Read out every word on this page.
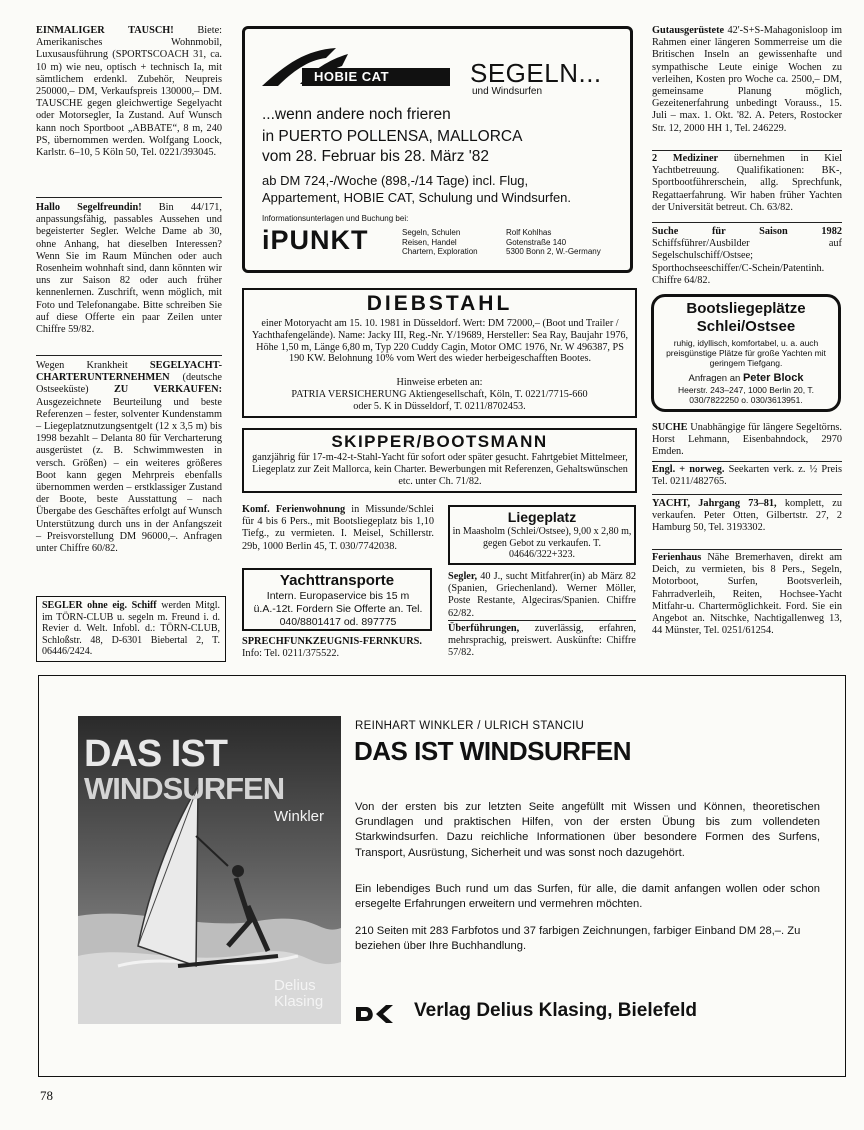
EINMALIGER TAUSCH! Biete: Amerikanisches Wohnmobil, Luxusausführung (SPORTSCOACH 31, ca. 10 m) wie neu, optisch + technisch Ia, mit sämtlichem erdenkl. Zubehör, Neupreis 250000,– DM, Verkaufspreis 130000,– DM. TAUSCHE gegen gleichwertige Segelyacht oder Motorsegler, Ia Zustand. Auf Wunsch kann noch Sportboot „ABBATE“, 8 m, 240 PS, übernommen werden. Wolfgang Loock, Karlstr. 6–10, 5 Köln 50, Tel. 0221/393045.
Hallo Segelfreundin! Bin 44/171, anpassungsfähig, passables Aussehen und begeisterter Segler. Welche Dame ab 30, ohne Anhang, hat dieselben Interessen? Wenn Sie im Raum München oder auch Rosenheim wohnhaft sind, dann könnten wir uns zur Saison 82 oder auch früher kennenlernen. Zuschrift, wenn möglich, mit Foto und Telefonangabe. Bitte schreiben Sie auf diese Offerte ein paar Zeilen unter Chiffre 59/82.
Wegen Krankheit SEGELYACHT-CHARTERUNTERNEHMEN (deutsche Ostseeküste) ZU VERKAUFEN: Ausgezeichnete Beurteilung und beste Referenzen – fester, solventer Kundenstamm – Liegeplatznutzungsentgelt (12 x 3,5 m) bis 1998 bezahlt – Delanta 80 für Vercharterung ausgerüstet (z. B. Schwimmwesten in versch. Größen) – ein weiteres größeres Boot kann gegen Mehrpreis ebenfalls übernommen werden – erstklassiger Zustand der Boote, beste Ausstattung – nach Übergabe des Geschäftes erfolgt auf Wunsch Unterstützung durch uns in der Anfangszeit – Preisvorstellung DM 96000,–. Anfragen unter Chiffre 60/82.
SEGLER ohne eig. Schiff werden Mitgl. im TÖRN-CLUB u. segeln m. Freund i. d. Revier d. Welt. Infobl. d.: TÖRN-CLUB, Schloßstr. 48, D-6301 Biebertal 2, T. 06446/2424.
HOBIE CAT	SEGELN...
und Windsurfen
...wenn andere noch frieren
in PUERTO POLLENSA, MALLORCA
vom 28. Februar bis 28. März '82
ab DM 724,-/Woche (898,-/14 Tage) incl. Flug,
Appartement, HOBIE CAT, Schulung und Windsurfen.
Informationsunterlagen und Buchung bei:
iPUNKT	Segeln, Schulen
Reisen, Handel
Chartern, Exploration
Rolf Kohlhas
Gotenstraße 140
5300 Bonn 2, W.-Germany
DIEBSTAHL
einer Motoryacht am 15. 10. 1981 in Düsseldorf. Wert: DM 72000,– (Boot und Trailer / Yachthafengelände). Name: Jacky III, Reg.-Nr. Y/19689, Hersteller: Sea Ray, Baujahr 1976, Höhe 1,50 m, Länge 6,80 m, Typ 220 Cuddy Cagin, Motor OMC 1976, Nr. W 496387, PS 190 KW. Belohnung 10% vom Wert des wieder herbeigeschafften Bootes.
Hinweise erbeten an:
PATRIA VERSICHERUNG Aktiengesellschaft, Köln, T. 0221/7715-660
oder 5. K in Düsseldorf, T. 0211/8702453.
SKIPPER/BOOTSMANN
ganzjährig für 17-m-42-t-Stahl-Yacht für sofort oder später gesucht. Fahrtgebiet Mittelmeer, Liegeplatz zur Zeit Mallorca, kein Charter. Bewerbungen mit Referenzen, Gehaltswünschen etc. unter Ch. 71/82.
Komf. Ferienwohnung in Missunde/Schlei für 4 bis 6 Pers., mit Bootsliegeplatz bis 1,10 Tiefg., zu vermieten. I. Meisel, Schillerstr. 29b, 1000 Berlin 45, T. 030/7742038.
Yachttransporte
Intern. Europaservice bis 15 m ü.A.-12t. Fordern Sie Offerte an. Tel. 040/8801417 od. 897775
SPRECHFUNKZEUGNIS-FERNKURS. Info: Tel. 0211/375522.
Liegeplatz
in Maasholm (Schlei/Ostsee), 9,00 x 2,80 m, gegen Gebot zu verkaufen. T. 04646/322+323.
Segler, 40 J., sucht Mitfahrer(in) ab März 82 (Spanien, Griechenland). Werner Möller, Poste Restante, Algeciras/Spanien. Chiffre 62/82.
Überführungen, zuverlässig, erfahren, mehrsprachig, preiswert. Auskünfte: Chiffre 57/82.
Gutausgerüstete 42'-S+S-Mahagonisloop im Rahmen einer längeren Sommerreise um die Britischen Inseln an gewissenhafte und sympathische Leute einige Wochen zu verleihen, Kosten pro Woche ca. 2500,– DM, gemeinsame Planung möglich, Gezeitenerfahrung unbedingt Vorauss., 15. Juli – max. 1. Okt. '82. A. Peters, Rostocker Str. 12, 2000 HH 1, Tel. 246229.
2 Mediziner übernehmen in Kiel Yachtbetreuung. Qualifikationen: BK-, Sportbootführerschein, allg. Sprechfunk, Regattaerfahrung. Wir haben früher Yachten der Universität betreut. Ch. 63/82.
Suche für Saison 1982 Schiffsführer/Ausbilder auf Segelschulschiff/Ostsee; Sporthochseeschiffer/C-Schein/Patentinh. Chiffre 64/82.
Bootsliegeplätze
Schlei/Ostsee
ruhig, idyllisch, komfortabel, u. a. auch preisgünstige Plätze für große Yachten mit geringem Tiefgang.
Anfragen an Peter Block
Heerstr. 243–247, 1000 Berlin 20, T. 030/7822250 o. 030/3613951.
SUCHE Unabhängige für längere Segeltörns. Horst Lehmann, Eisenbahndock, 2970 Emden.
Engl. + norweg. Seekarten verk. z. ½ Preis Tel. 0211/482765.
YACHT, Jahrgang 73–81, komplett, zu verkaufen. Peter Otten, Gilbertstr. 27, 2 Hamburg 50, Tel. 3193302.
Ferienhaus Nähe Bremerhaven, direkt am Deich, zu vermieten, bis 8 Pers., Segeln, Motorboot, Surfen, Bootsverleih, Fahrradverleih, Reiten, Hochsee-Yacht Mitfahr-u. Chartermöglichkeit. Ford. Sie ein Angebot an. Nitschke, Nachtigallenweg 13, 44 Münster, Tel. 0251/61254.
DAS IST
WINDSURFEN
Winkler
Delius
Klasing
REINHART WINKLER / ULRICH STANCIU
DAS IST WINDSURFEN
Von der ersten bis zur letzten Seite angefüllt mit Wissen und Können, theoretischen Grundlagen und praktischen Hilfen, von der ersten Übung bis zum vollendeten Starkwindsurfen. Dazu reichliche Informationen über besondere Formen des Surfens, Transport, Ausrüstung, Sicherheit und was sonst noch dazugehört.
Ein lebendiges Buch rund um das Surfen, für alle, die damit anfangen wollen oder schon ersegelte Erfahrungen erweitern und vermehren möchten.
210 Seiten mit 283 Farbfotos und 37 farbigen Zeichnungen, farbiger Einband DM 28,–. Zu beziehen über Ihre Buchhandlung.
Verlag Delius Klasing, Bielefeld
78
